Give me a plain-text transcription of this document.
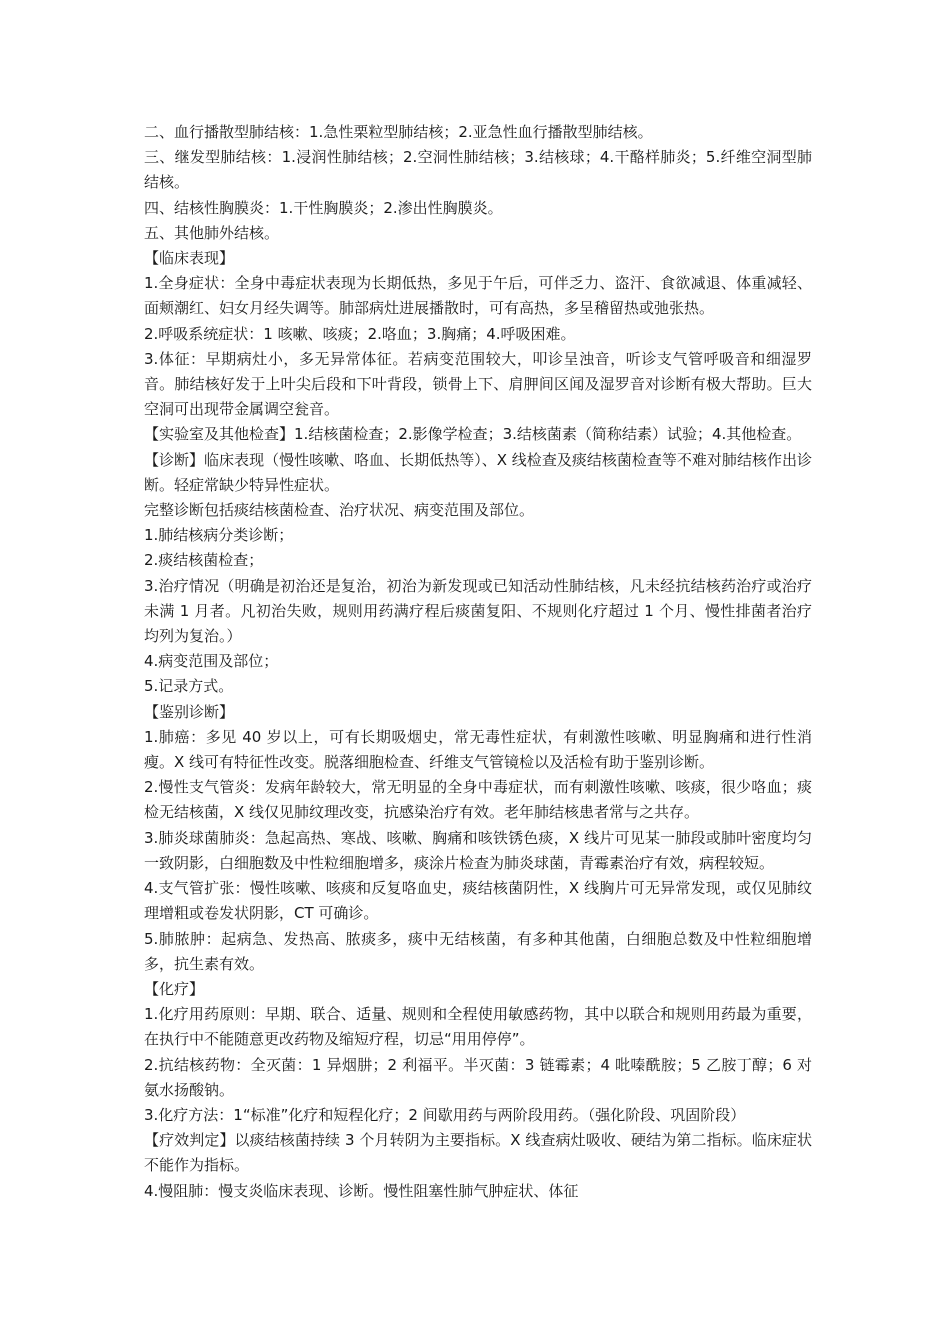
二、血行播散型肺结核：1.急性栗粒型肺结核；2.亚急性血行播散型肺结核。

三、继发型肺结核：1.浸润性肺结核；2.空洞性肺结核；3.结核球；4.干酪样肺炎；5.纤维空洞型肺结核。

四、结核性胸膜炎：1.干性胸膜炎；2.渗出性胸膜炎。

五、其他肺外结核。

【临床表现】

1.全身症状：全身中毒症状表现为长期低热，多见于午后，可伴乏力、盗汗、食欲减退、体重减轻、面颊潮红、妇女月经失调等。肺部病灶进展播散时，可有高热，多呈稽留热或弛张热。

2.呼吸系统症状：1 咳嗽、咳痰；2.咯血；3.胸痛；4.呼吸困难。

3.体征：早期病灶小，多无异常体征。若病变范围较大，叩诊呈浊音，听诊支气管呼吸音和细湿罗音。肺结核好发于上叶尖后段和下叶背段，锁骨上下、肩胛间区闻及湿罗音对诊断有极大帮助。巨大空洞可出现带金属调空瓮音。

【实验室及其他检查】1.结核菌检查；2.影像学检查；3.结核菌素（简称结素）试验；4.其他检查。

【诊断】临床表现（慢性咳嗽、咯血、长期低热等）、X 线检查及痰结核菌检查等不难对肺结核作出诊断。轻症常缺少特异性症状。

完整诊断包括痰结核菌检查、治疗状况、病变范围及部位。

1.肺结核病分类诊断；

2.痰结核菌检查；

3.治疗情况（明确是初治还是复治，初治为新发现或已知活动性肺结核，凡未经抗结核药治疗或治疗未满 1 月者。凡初治失败，规则用药满疗程后痰菌复阳、不规则化疗超过 1 个月、慢性排菌者治疗均列为复治。）

4.病变范围及部位；

5.记录方式。

【鉴别诊断】

1.肺癌：多见 40 岁以上，可有长期吸烟史，常无毒性症状，有刺激性咳嗽、明显胸痛和进行性消瘦。X 线可有特征性改变。脱落细胞检查、纤维支气管镜检以及活检有助于鉴别诊断。

2.慢性支气管炎：发病年龄较大，常无明显的全身中毒症状，而有刺激性咳嗽、咳痰，很少咯血；痰检无结核菌，X 线仅见肺纹理改变，抗感染治疗有效。老年肺结核患者常与之共存。

3.肺炎球菌肺炎：急起高热、寒战、咳嗽、胸痛和咳铁锈色痰，X 线片可见某一肺段或肺叶密度均匀一致阴影，白细胞数及中性粒细胞增多，痰涂片检查为肺炎球菌，青霉素治疗有效，病程较短。

4.支气管扩张：慢性咳嗽、咳痰和反复咯血史，痰结核菌阴性，X 线胸片可无异常发现，或仅见肺纹理增粗或卷发状阴影，CT 可确诊。

5.肺脓肿：起病急、发热高、脓痰多，痰中无结核菌，有多种其他菌，白细胞总数及中性粒细胞增多，抗生素有效。

【化疗】

1.化疗用药原则：早期、联合、适量、规则和全程使用敏感药物，其中以联合和规则用药最为重要，在执行中不能随意更改药物及缩短疗程，切忌“用用停停”。

2.抗结核药物：全灭菌：1 异烟肼；2 利福平。半灭菌：3 链霉素；4 吡嗪酰胺；5 乙胺丁醇；6 对氨水扬酸钠。

3.化疗方法：1“标准”化疗和短程化疗；2 间歇用药与两阶段用药。（强化阶段、巩固阶段）

【疗效判定】以痰结核菌持续 3 个月转阴为主要指标。X 线查病灶吸收、硬结为第二指标。临床症状不能作为指标。

4.慢阻肺：慢支炎临床表现、诊断。慢性阻塞性肺气肿症状、体征
